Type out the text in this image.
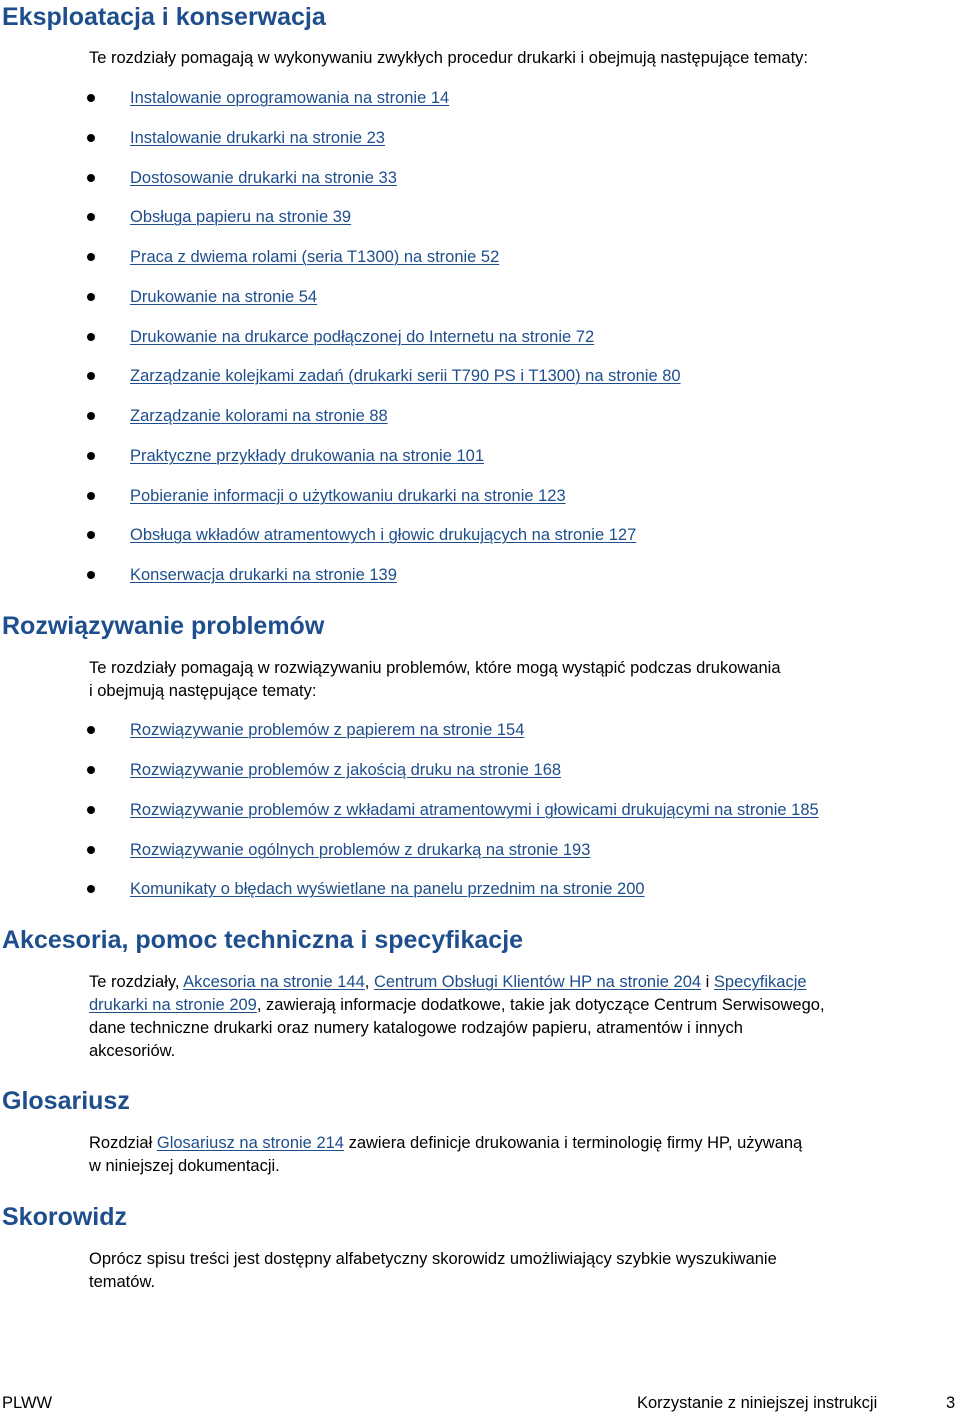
Eksploatacja i konserwacja

Te rozdziały pomagają w wykonywaniu zwykłych procedur drukarki i obejmują następujące tematy:

Instalowanie oprogramowania na stronie 14
Instalowanie drukarki na stronie 23
Dostosowanie drukarki na stronie 33
Obsługa papieru na stronie 39
Praca z dwiema rolami (seria T1300) na stronie 52
Drukowanie na stronie 54
Drukowanie na drukarce podłączonej do Internetu na stronie 72
Zarządzanie kolejkami zadań (drukarki serii T790 PS i T1300) na stronie 80
Zarządzanie kolorami na stronie 88
Praktyczne przykłady drukowania na stronie 101
Pobieranie informacji o użytkowaniu drukarki na stronie 123
Obsługa wkładów atramentowych i głowic drukujących na stronie 127
Konserwacja drukarki na stronie 139
Rozwiązywanie problemów

Te rozdziały pomagają w rozwiązywaniu problemów, które mogą wystąpić podczas drukowania

i obejmują następujące tematy:

Rozwiązywanie problemów z papierem na stronie 154
Rozwiązywanie problemów z jakością druku na stronie 168
Rozwiązywanie problemów z wkładami atramentowymi i głowicami drukującymi na stronie 185
Rozwiązywanie ogólnych problemów z drukarką na stronie 193
Komunikaty o błędach wyświetlane na panelu przednim na stronie 200
Akcesoria, pomoc techniczna i specyfikacje

Te rozdziały, Akcesoria na stronie 144, Centrum Obsługi Klientów HP na stronie 204 i Specyfikacje

drukarki na stronie 209, zawierają informacje dodatkowe, takie jak dotyczące Centrum Serwisowego,

dane techniczne drukarki oraz numery katalogowe rodzajów papieru, atramentów i innych

akcesoriów.

Glosariusz

Rozdział Glosariusz na stronie 214 zawiera definicje drukowania i terminologię firmy HP, używaną

w niniejszej dokumentacji.

Skorowidz

Oprócz spisu treści jest dostępny alfabetyczny skorowidz umożliwiający szybkie wyszukiwanie

tematów.

PLWW	Korzystanie z niniejszej instrukcji	3
